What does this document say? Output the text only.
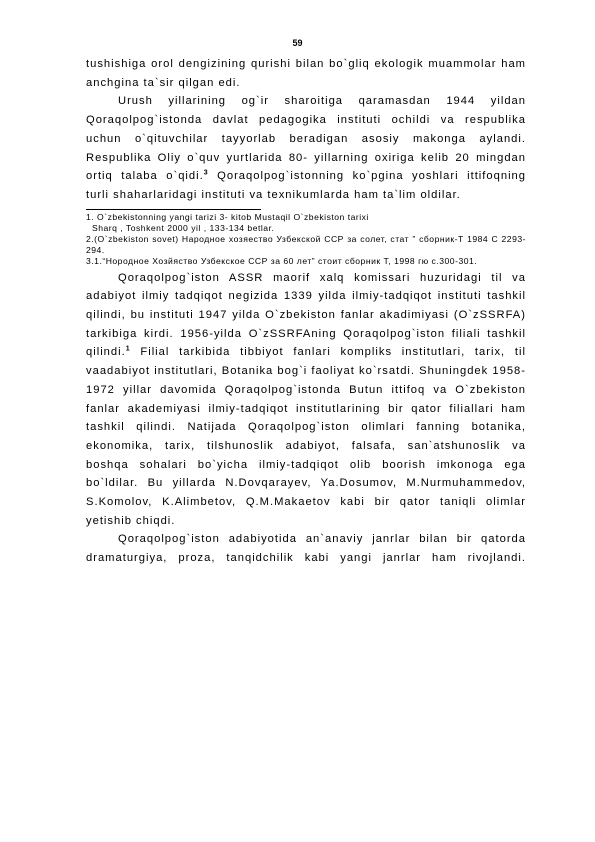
59

tushishiga orol dengizining qurishi bilan bo`gliq ekologik muammolar ham anchgina ta`sir qilgan edi.

Urush yillarining og`ir sharoitiga qaramasdan 1944 yildan Qoraqolpog`istonda davlat pedagogika instituti ochildi va respublika uchun o`qituvchilar tayyorlab beradigan asosiy makonga aylandi. Respublika Oliy o`quv yurtlarida 80- yillarning oxiriga kelib 20 mingdan ortiq talaba o`qidi.$^3$ Qoraqolpog`istonning ko`pgina yoshlari ittifoqning turli shaharlaridagi instituti va texnikumlarda ham ta`lim oldilar.

1. O`zbekistonning yangi tarizi 3- kitob Mustaqil O`zbekiston tarixi

Sharq , Toshkent 2000 yil , 133-134 betlar.

2.(O`zbekiston sovet) Народное хозяество Узбекской ССР за солет, стат ” сборник-Т 1984 С 2293-294.

3.1.“Нородное Хозйяство Узбекское ССР за 60 лет” стоит сборник Т, 1998 гю с.300-301.

Qoraqolpog`iston ASSR maorif xalq komissari huzuridagi til va adabiyot ilmiy tadqiqot negizida 1339 yilda ilmiy-tadqiqot instituti tashkil qilindi, bu instituti 1947 yilda O`zbekiston fanlar akadimiyasi (O`zSSRFA) tarkibiga kirdi. 1956-yilda O`zSSRFAning Qoraqolpog`iston filiali tashkil qilindi.$^1$ Filial tarkibida tibbiyot fanlari kompliks institutlari, tarix, til vaadabiyot institutlari, Botanika bog`i faoliyat ko`rsatdi. Shuningdek 1958-1972 yillar davomida Qoraqolpog`istonda Butun ittifoq va O`zbekiston fanlar akademiyasi ilmiy-tadqiqot institutlarining bir qator filiallari ham tashkil qilindi. Natijada Qoraqolpog`iston olimlari fanning botanika, ekonomika, tarix, tilshunoslik adabiyot, falsafa, san`atshunoslik va boshqa sohalari bo`yicha ilmiy-tadqiqot olib boorish imkonoga ega bo`ldilar. Bu yillarda N.Dovqarayev, Ya.Dosumov, M.Nurmuhammedov, S.Komolov, K.Alimbetov, Q.M.Makaetov kabi bir qator taniqli olimlar yetishib chiqdi.

Qoraqolpog`iston adabiyotida an`anaviy janrlar bilan bir qatorda dramaturgiya, proza, tanqidchilik kabi yangi janrlar ham rivojlandi.
